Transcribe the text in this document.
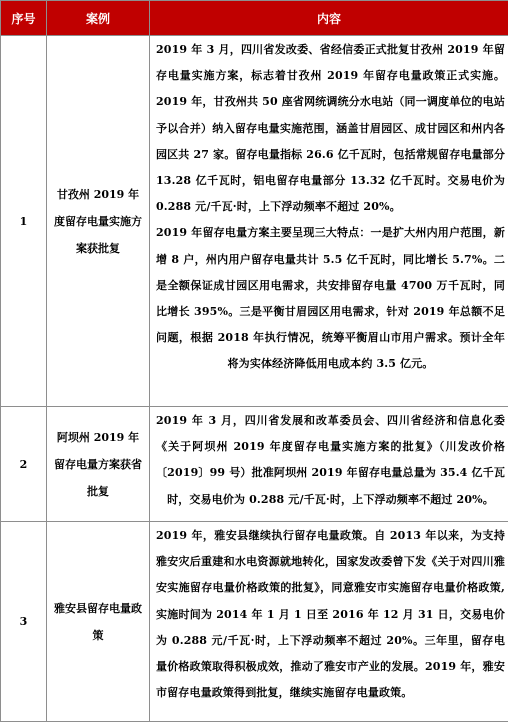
序号	案例	内容
1	甘孜州 2019 年度留存电量实施方案获批复	2019 年 3 月，四川省发改委、省经信委正式批复甘孜州 2019 年留存电量实施方案，标志着甘孜州 2019 年留存电量政策正式实施。2019 年，甘孜州共 50 座省网统调统分水电站（同一调度单位的电站予以合并）纳入留存电量实施范围，涵盖甘眉园区、成甘园区和州内各园区共 27 家。留存电量指标 26.6 亿千瓦时，包括常规留存电量部分 13.28 亿千瓦时，铝电留存电量部分 13.32 亿千瓦时。交易电价为 0.288 元/千瓦·时，上下浮动频率不超过 20%。
2019 年留存电量方案主要呈现三大特点：一是扩大州内用户范围，新增 8 户，州内用户留存电量共计 5.5 亿千瓦时，同比增长 5.7%。二是全额保证成甘园区用电需求，共安排留存电量 4700 万千瓦时，同比增长 395%。三是平衡甘眉园区用电需求，针对 2019 年总额不足问题，根据 2018 年执行情况，统筹平衡眉山市用户需求。预计全年将为实体经济降低用电成本约 3.5 亿元。

2	阿坝州 2019 年留存电量方案获省批复	2019 年 3 月，四川省发展和改革委员会、四川省经济和信息化委《关于阿坝州 2019 年度留存电量实施方案的批复》（川发改价格〔2019〕99 号）批准阿坝州 2019 年留存电量总量为 35.4 亿千瓦时，交易电价为 0.288 元/千瓦·时，上下浮动频率不超过 20%。

3	雅安县留存电量政策	2019 年，雅安县继续执行留存电量政策。自 2013 年以来，为支持雅安灾后重建和水电资源就地转化，国家发改委曾下发《关于对四川雅安实施留存电量价格政策的批复》，同意雅安市实施留存电量价格政策,实施时间为 2014 年 1 月 1 日至 2016 年 12 月 31 日，交易电价为 0.288 元/千瓦·时，上下浮动频率不超过 20%。三年里，留存电量价格政策取得积极成效，推动了雅安市产业的发展。2019 年，雅安市留存电量政策得到批复，继续实施留存电量政策。
